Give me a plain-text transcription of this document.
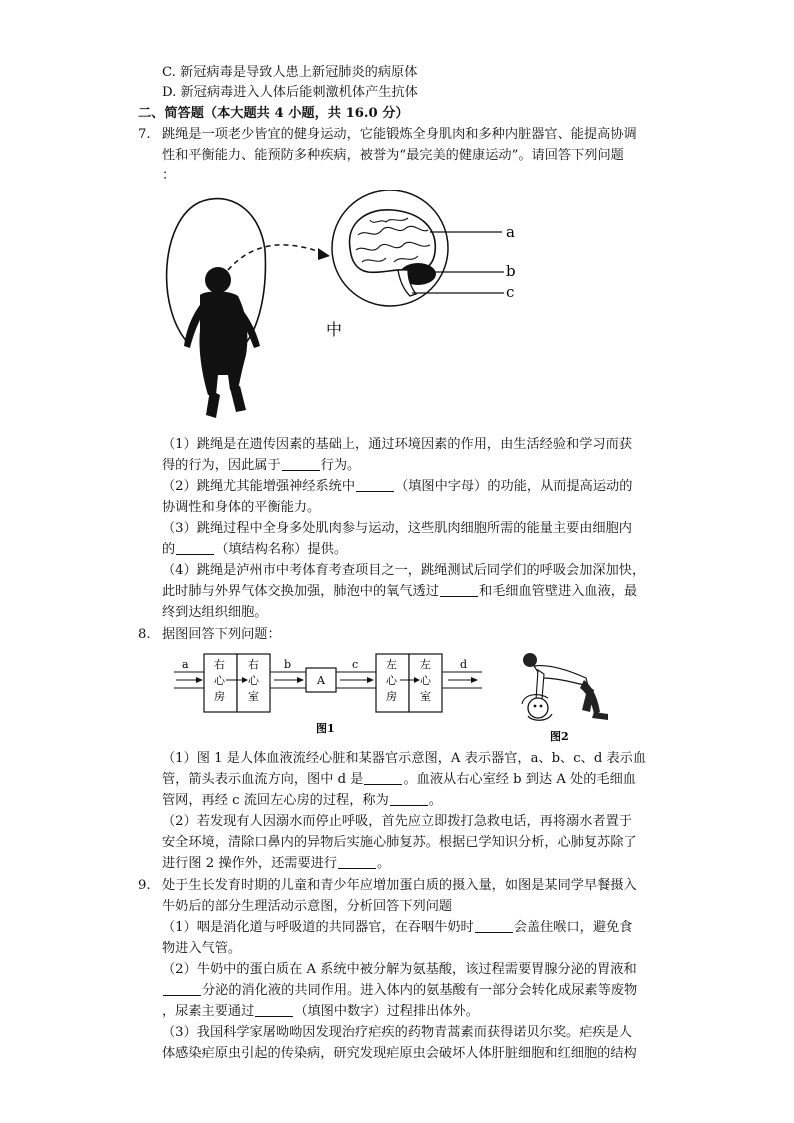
C. 新冠病毒是导致人患上新冠肺炎的病原体
D. 新冠病毒进入人体后能刺激机体产生抗体
二、简答题（本大题共 4 小题，共 16.0 分）
7. 跳绳是一项老少皆宜的健身运动，它能锻炼全身肌肉和多种内脏器官、能提高协调
性和平衡能力、能预防多种疾病，被誉为“最完美的健康运动”。请回答下列问题
：
a
b
c
中
（1）跳绳是在遗传因素的基础上，通过环境因素的作用，由生活经验和学习而获
得的行为，因此属于	行为。
（2）跳绳尤其能增强神经系统中	（填图中字母）的功能，从而提高运动的
协调性和身体的平衡能力。
（3）跳绳过程中全身多处肌肉参与运动，这些肌肉细胞所需的能量主要由细胞内
的	（填结构名称）提供。
（4）跳绳是泸州市中考体育考查项目之一，跳绳测试后同学们的呼吸会加深加快，
此时肺与外界气体交换加强，肺泡中的氧气透过	和毛细血管壁进入血液，最
终到达组织细胞。
8. 据图回答下列问题：
a 右
心
房
右
心
室
b
A
c	左
心
房
左
心
室
d
图1
图2
（1）图 1 是人体血液流经心脏和某器官示意图，A 表示器官，a、b、c、d 表示血
管，箭头表示血流方向，图中 d 是	。血液从右心室经 b 到达 A 处的毛细血
管网，再经 c 流回左心房的过程，称为	。
（2）若发现有人因溺水而停止呼吸，首先应立即拨打急救电话，再将溺水者置于
安全环境，清除口鼻内的异物后实施心肺复苏。根据已学知识分析，心肺复苏除了
进行图 2 操作外，还需要进行	。
9. 处于生长发育时期的儿童和青少年应增加蛋白质的摄入量，如图是某同学早餐摄入
牛奶后的部分生理活动示意图，分析回答下列问题
（1）咽是消化道与呼吸道的共同器官，在吞咽牛奶时	会盖住喉口，避免食
物进入气管。
（2）牛奶中的蛋白质在 A 系统中被分解为氨基酸，该过程需要胃腺分泌的胃液和
分泌的消化液的共同作用。进入体内的氨基酸有一部分会转化成尿素等废物
，尿素主要通过	（填图中数字）过程排出体外。
（3）我国科学家屠呦呦因发现治疗疟疾的药物青蒿素而获得诺贝尔奖。疟疾是人
体感染疟原虫引起的传染病，研究发现疟原虫会破坏人体肝脏细胞和红细胞的结构
